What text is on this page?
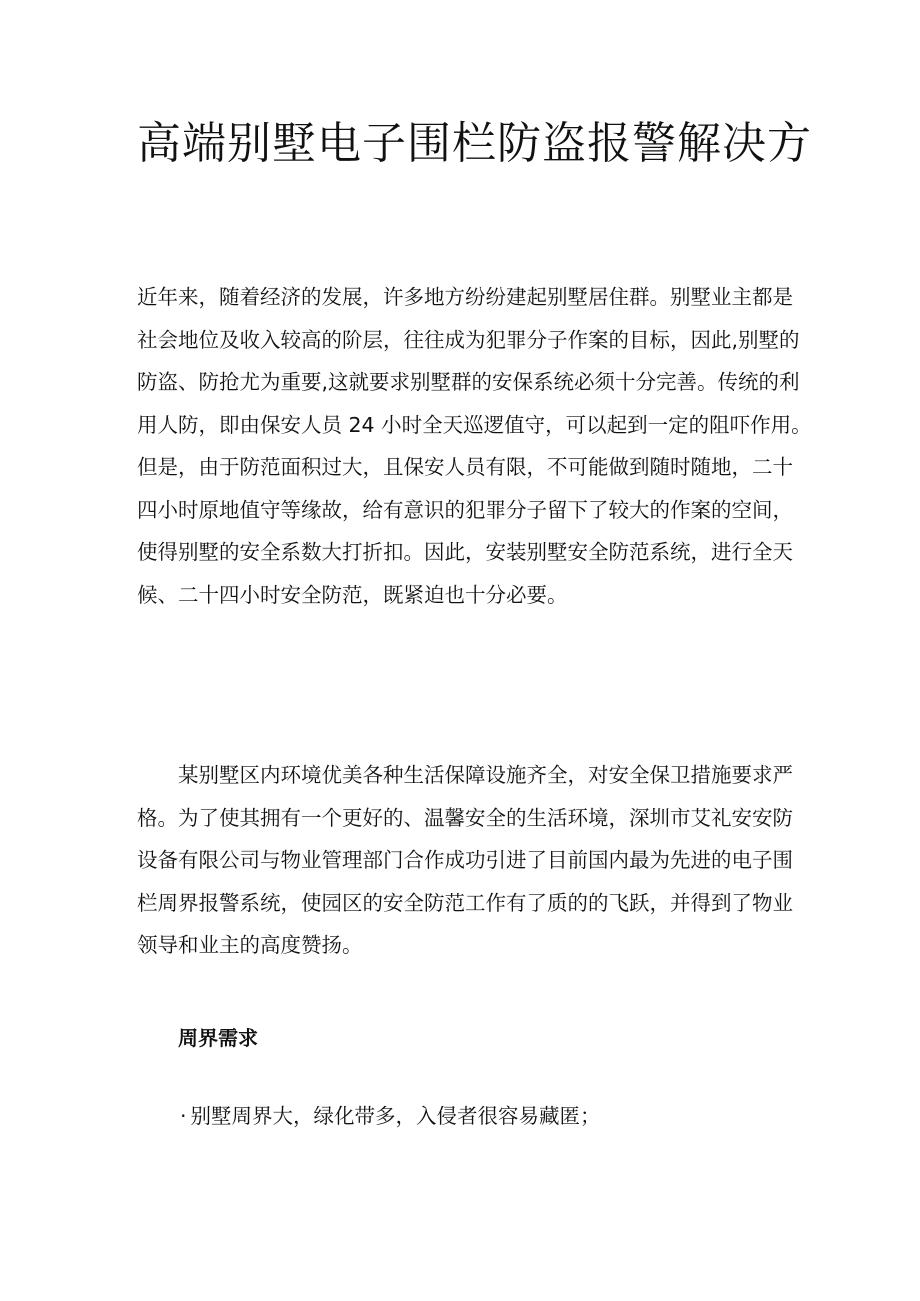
高端别墅电子围栏防盗报警解决方

近年来，随着经济的发展，许多地方纷纷建起别墅居住群。别墅业主都是
社会地位及收入较高的阶层，往往成为犯罪分子作案的目标，因此,别墅的
防盗、防抢尤为重要,这就要求别墅群的安保系统必须十分完善。传统的利
用人防，即由保安人员 24 小时全天巡逻值守，可以起到一定的阻吓作用。
但是，由于防范面积过大，且保安人员有限，不可能做到随时随地，二十
四小时原地值守等缘故，给有意识的犯罪分子留下了较大的作案的空间，
使得别墅的安全系数大打折扣。因此，安装别墅安全防范系统，进行全天
候、二十四小时安全防范，既紧迫也十分必要。

某别墅区内环境优美各种生活保障设施齐全，对安全保卫措施要求严
格。为了使其拥有一个更好的、温馨安全的生活环境，深圳市艾礼安安防
设备有限公司与物业管理部门合作成功引进了目前国内最为先进的电子围
栏周界报警系统，使园区的安全防范工作有了质的的飞跃，并得到了物业
领导和业主的高度赞扬。

周界需求
· 别墅周界大，绿化带多，入侵者很容易藏匿；
